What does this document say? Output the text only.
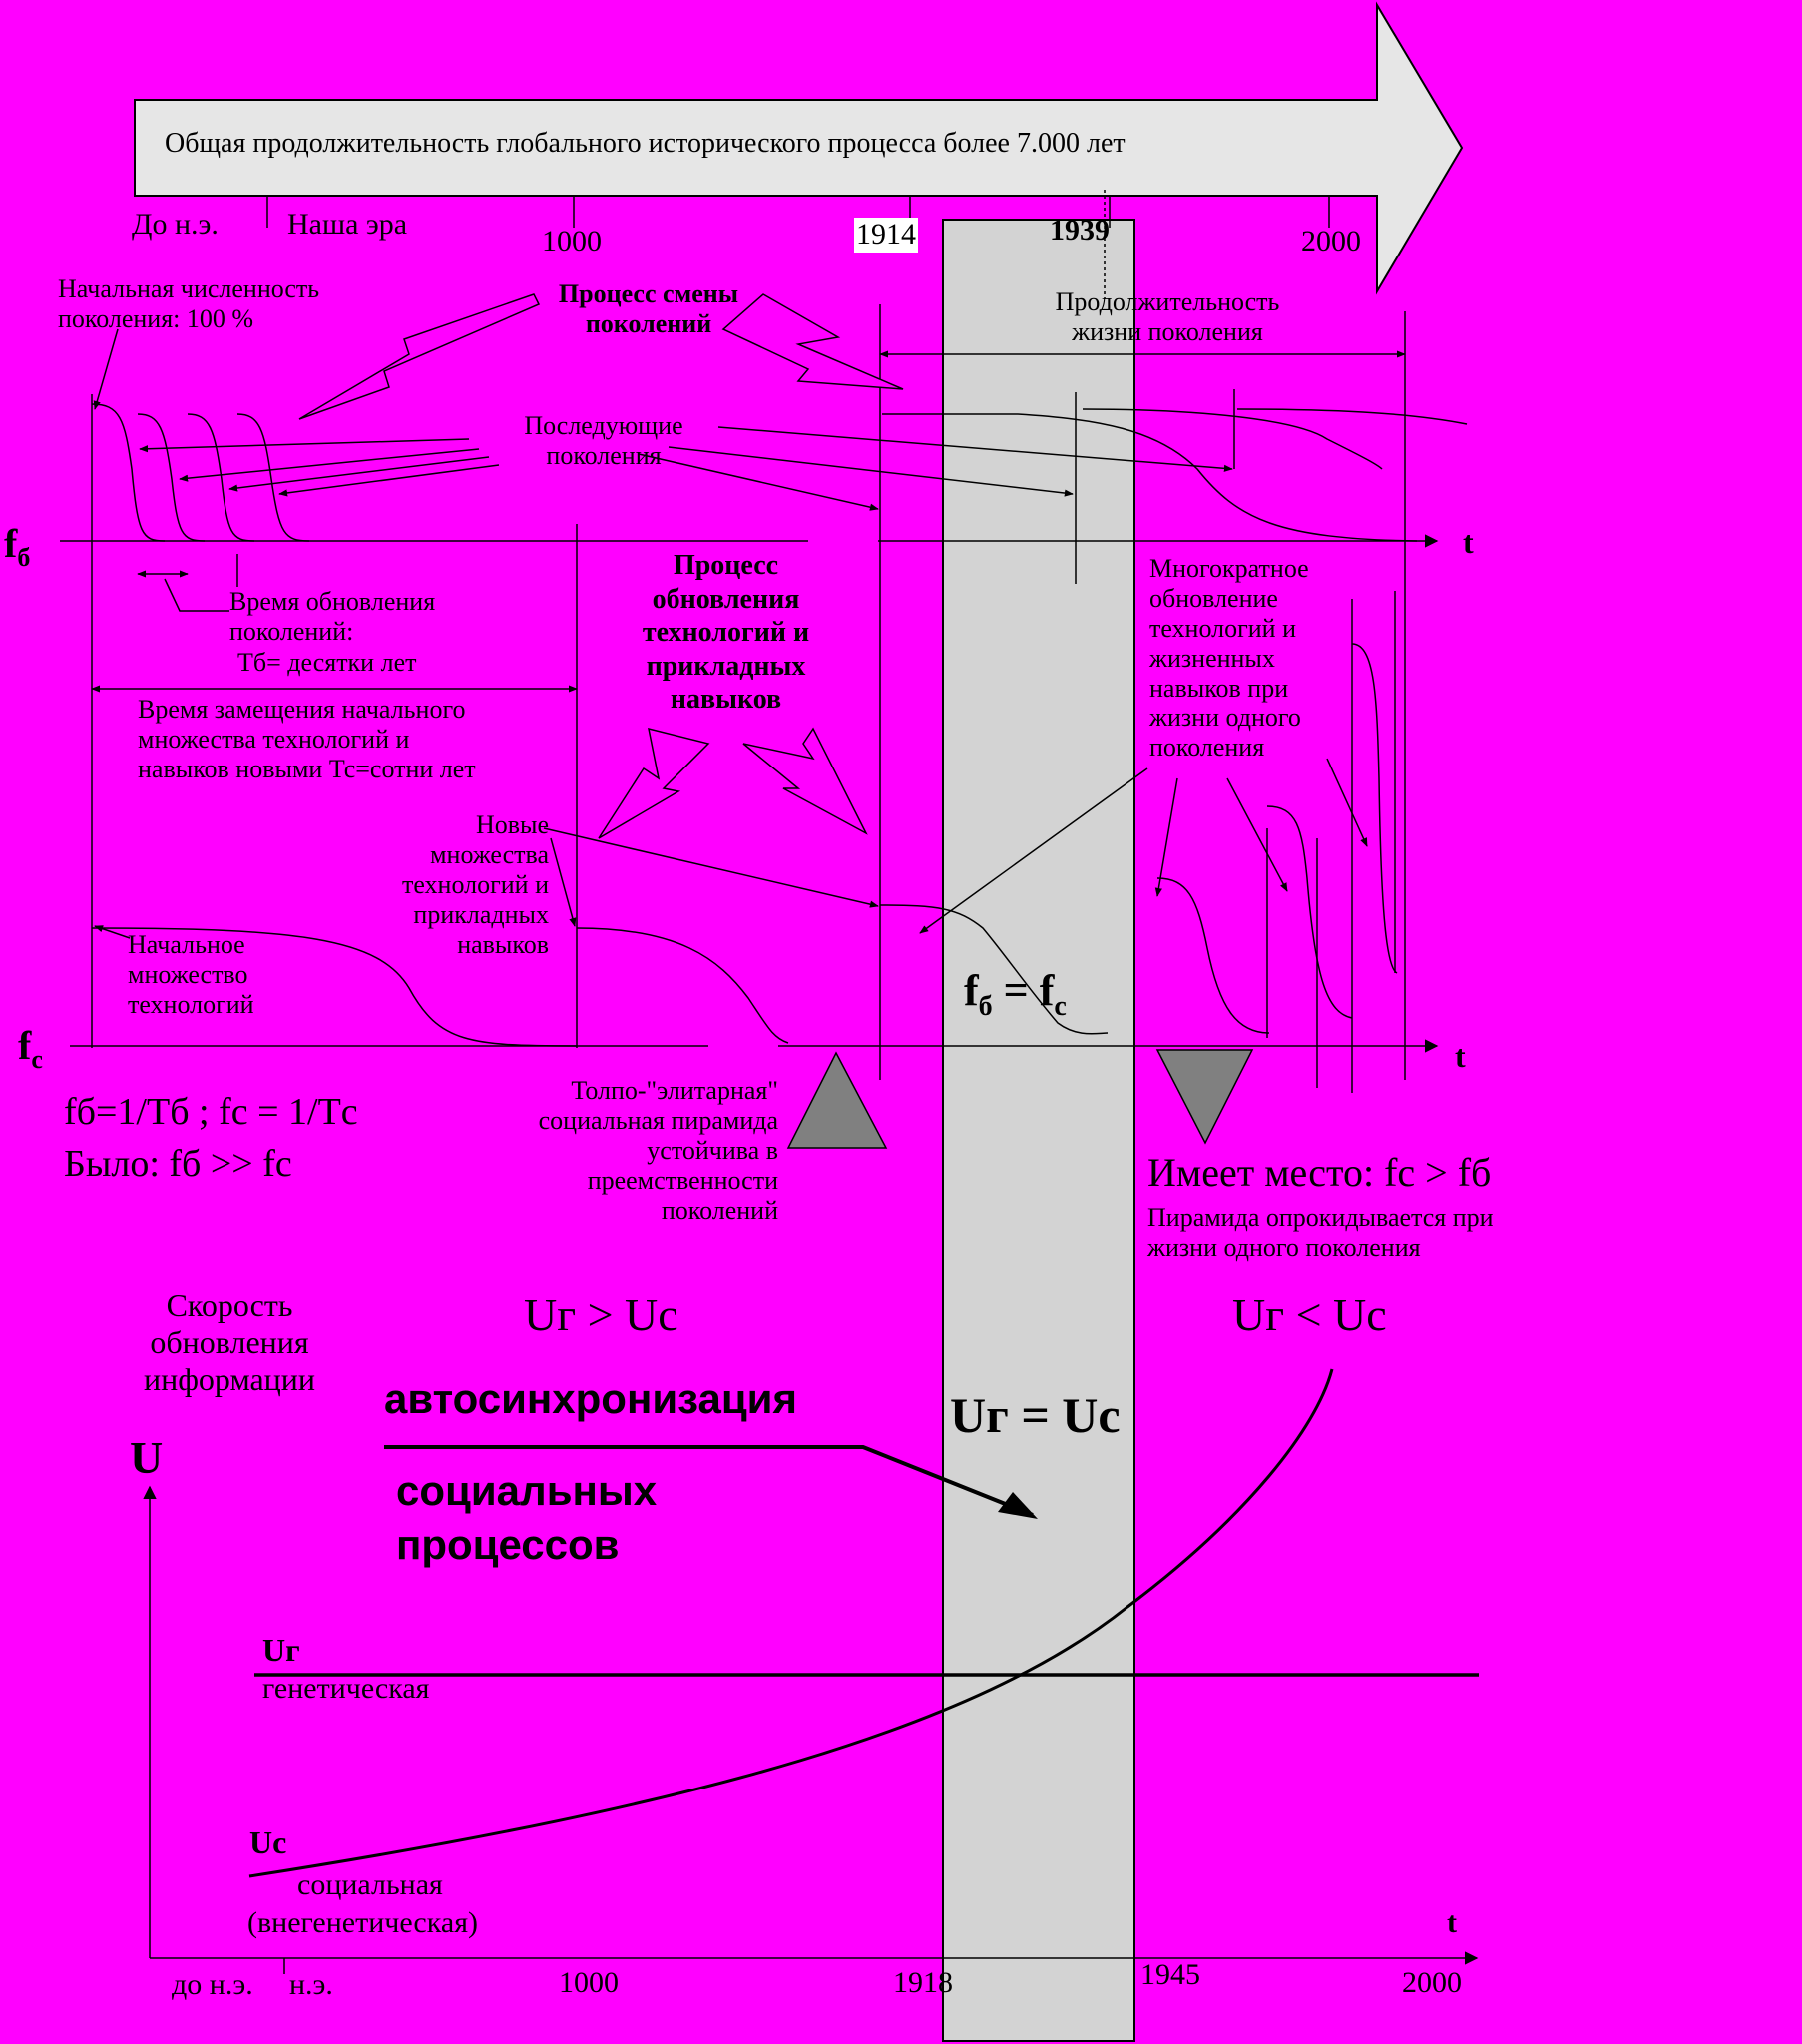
Общая продолжительность глобального исторического процесса более 7.000 лет
До н.э. Наша эра
1000	1914	1939	2000
Начальная численность поколения: 100 %
Процесс смены поколений
Продолжительность жизни поколения
Последующие поколения
$f_б$	t
Время обновления
поколений:
Тб= десятки лет
Время замещения начального
множества технологий и
навыков новыми Тс=сотни лет
Процесс обновления технологий и прикладных навыков
Многократное обновление технологий и жизненных навыков при жизни одного поколения
Новые множества технологий и прикладных навыков
Начальное множество технологий
$f_с$	t
$f_б = f_с$
fб=1/Tб ; fс = 1/Tс
Было: fб >> fс
Толпо-"элитарная" социальная пирамида устойчива в преемственности поколений
Имеет место: fс > fб
Пирамида опрокидывается при жизни одного поколения
Скорость обновления информации
Uг > Uс	Uг < Uс
автосинхронизация
социальных
процессов
Uг = Uс
U
Uг
генетическая
Uс
социальная
(внегенетическая)	t
до н.э. н.э.	1000	1918	1945	2000
